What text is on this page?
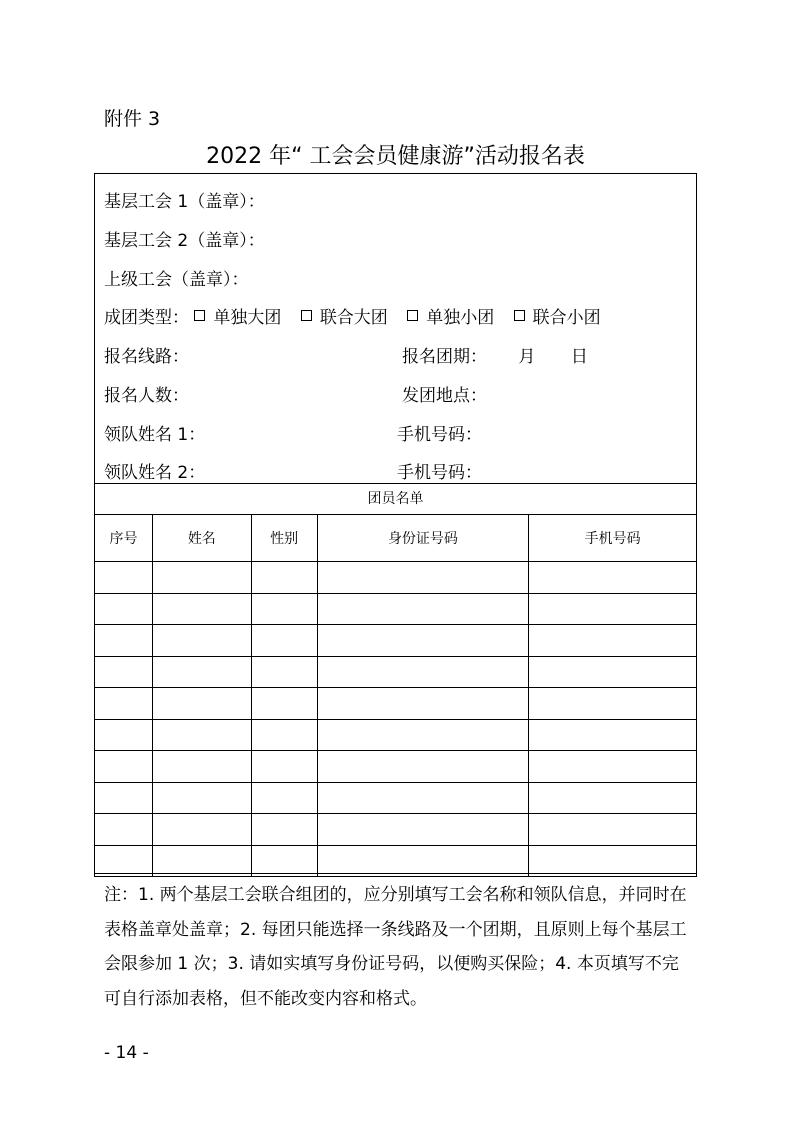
附件 3
2022 年“ 工会会员健康游”活动报名表
基层工会 1（盖章）：
基层工会 2（盖章）：
上级工会（盖章）：
成团类型： 单独大团 联合大团 单独小团 联合小团
报名线路：	报名团期： 月 日
报名人数：	发团地点：
领队姓名 1：	手机号码：
领队姓名 2：	手机号码：
团员名单
序号	姓名	性别	身份证号码	手机号码

注：1. 两个基层工会联合组团的，应分别填写工会名称和领队信息，并同时在表格盖章处盖章；2. 每团只能选择一条线路及一个团期，且原则上每个基层工会限参加 1 次；3. 请如实填写身份证号码，以便购买保险；4. 本页填写不完可自行添加表格，但不能改变内容和格式。
- 14 -
